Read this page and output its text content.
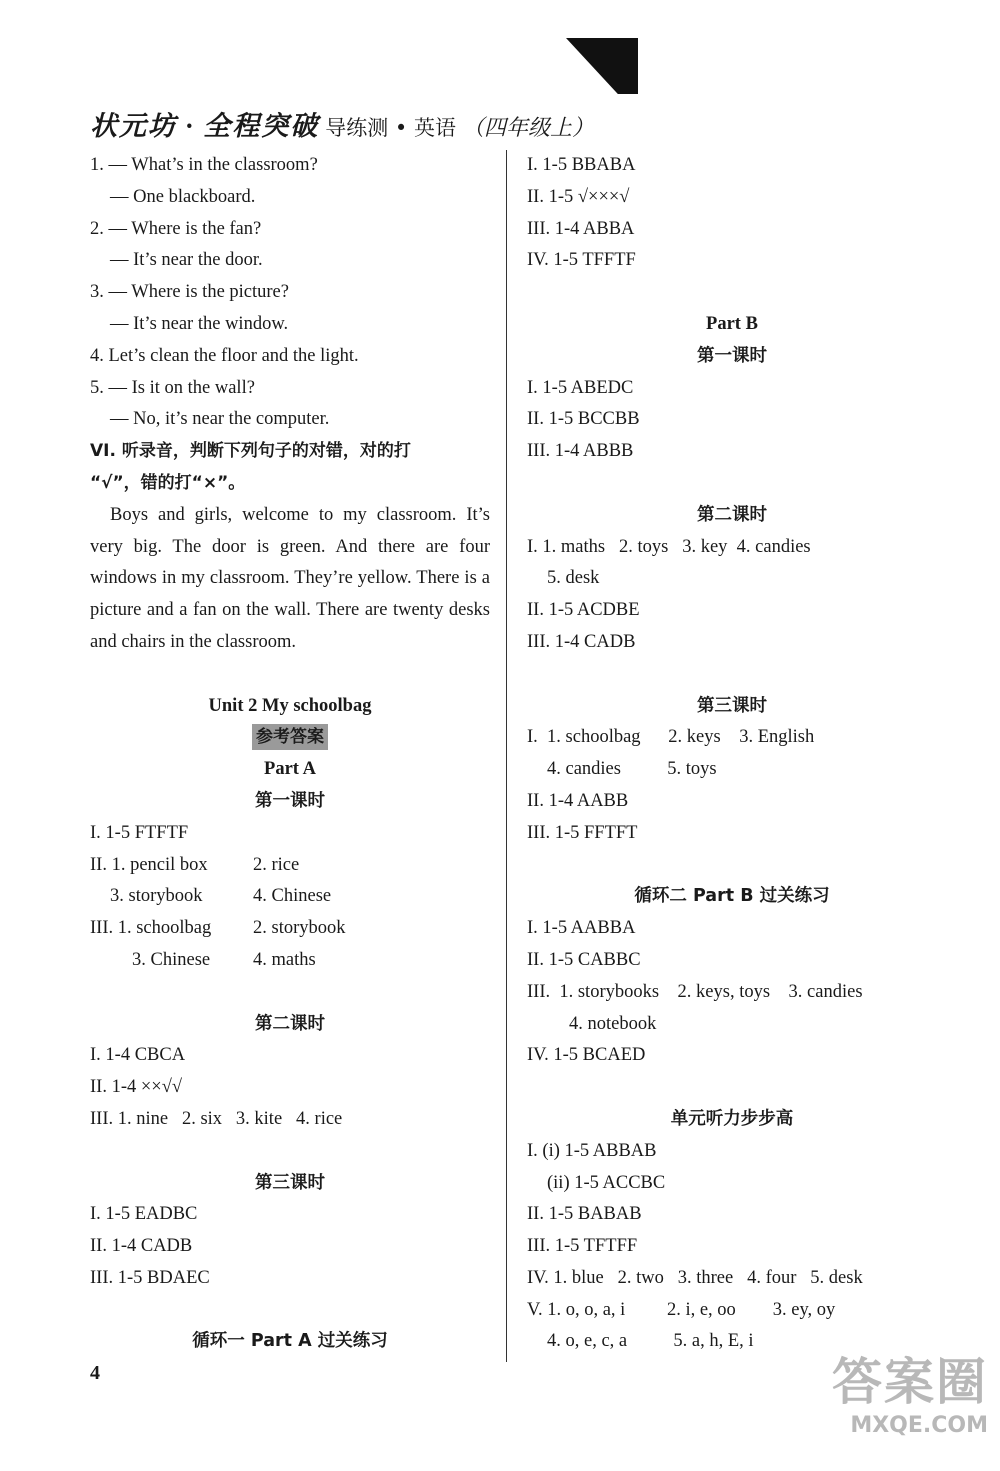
状元坊 · 全程突破 导练测 • 英语 （四年级上）
1. — What’s in the classroom?
— One blackboard.
2. — Where is the fan?
— It’s near the door.
3. — Where is the picture?
— It’s near the window.
4. Let’s clean the floor and the light.
5. — Is it on the wall?
— No, it’s near the computer.
VI. 听录音，判断下列句子的对错，对的打
“√”，错的打“×”。

Boys and girls, welcome to my classroom. It’s very big. The door is green. And there are four windows in my classroom. They’re yellow. There is a picture and a fan on the wall. There are twenty desks and chairs in the classroom.

Unit 2 My schoolbag
参考答案
Part A
第一课时
I. 1-5 FTFTF
II. 1. pencil box 2. rice
3. storybook	4. Chinese
III. 1. schoolbag 2. storybook
3. Chinese 4. maths
第二课时
I. 1-4 CBCA
II. 1-4 ××√√
III. 1. nine   2. six   3. kite   4. rice
第三课时
I. 1-5 EADBC
II. 1-4 CADB
III. 1-5 BDAEC
循环一 Part A 过关练习
I. 1-5 BBABA
II. 1-5 √×××√
III. 1-4 ABBA
IV. 1-5 TFFTF
Part B
第一课时
I. 1-5 ABEDC
II. 1-5 BCCBB
III. 1-4 ABBB
第二课时
I. 1. maths   2. toys   3. key  4. candies
5. desk
II. 1-5 ACDBE
III. 1-4 CADB
第三课时
I.  1. schoolbag      2. keys    3. English
4. candies          5. toys
II. 1-4 AABB
III. 1-5 FFTFT
循环二 Part B 过关练习
I. 1-5 AABBA
II. 1-5 CABBC
III.  1. storybooks    2. keys, toys    3. candies
4. notebook
IV. 1-5 BCAED
单元听力步步高
I. (i) 1-5 ABBAB
(ii) 1-5 ACCBC
II. 1-5 BABAB
III. 1-5 TFTFF
IV. 1. blue   2. two   3. three   4. four   5. desk
V. 1. o, o, a, i         2. i, e, oo        3. ey, oy
4. o, e, c, a          5. a, h, E, i
4	答案圈
MXQE.COM
